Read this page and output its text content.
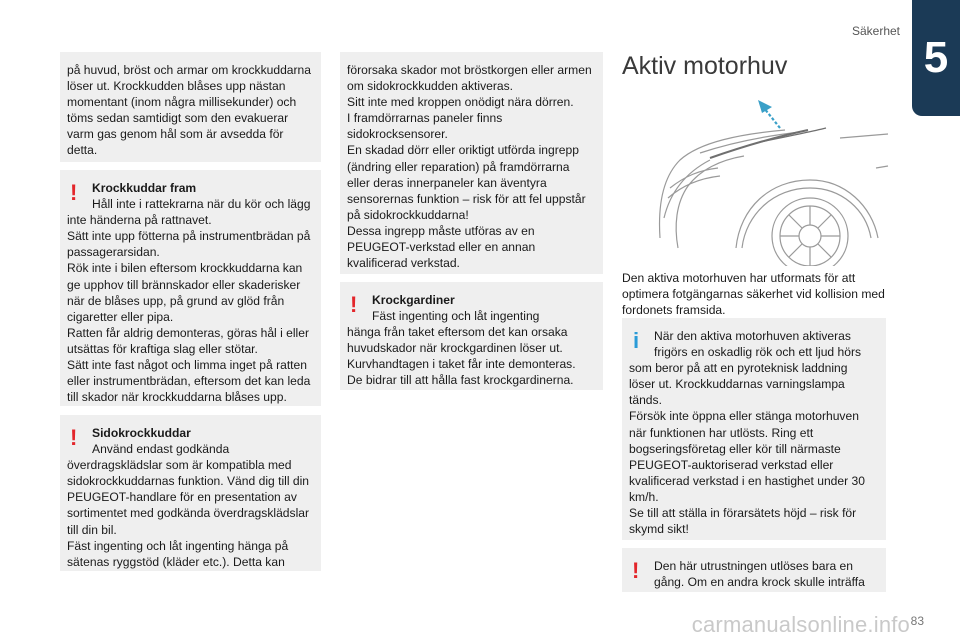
Säkerhet
5

på huvud, bröst och armar om krockkuddarna
löser ut. Krockkudden blåses upp nästan
momentant (inom några millisekunder) och
töms sedan samtidigt som den evakuerar
varm gas genom hål som är avsedda för
detta.

!	Krockkuddar fram

Håll inte i rattekrarna när du kör och lägg

inte händerna på rattnavet.
Sätt inte upp fötterna på instrumentbrädan på
passagerarsidan.
Rök inte i bilen eftersom krockkuddarna kan
ge upphov till brännskador eller skaderisker
när de blåses upp, på grund av glöd från
cigaretter eller pipa.
Ratten får aldrig demonteras, göras hål i eller
utsättas för kraftiga slag eller stötar.
Sätt inte fast något och limma inget på ratten
eller instrumentbrädan, eftersom det kan leda
till skador när krockkuddarna blåses upp.

!	Sidokrockkuddar

Använd endast godkända

överdragsklädslar som är kompatibla med
sidokrockkuddarnas funktion. Vänd dig till din
PEUGEOT-handlare för en presentation av
sortimentet med godkända överdragsklädslar
till din bil.
Fäst ingenting och låt ingenting hänga på
sätenas ryggstöd (kläder etc.). Detta kan

förorsaka skador mot bröstkorgen eller armen
om sidokrockkudden aktiveras.
Sitt inte med kroppen onödigt nära dörren.
I framdörrarnas paneler finns
sidokrocksensorer.
En skadad dörr eller oriktigt utförda ingrepp
(ändring eller reparation) på framdörrarna
eller deras innerpaneler kan äventyra
sensorernas funktion – risk för att fel uppstår
på sidokrockkuddarna!
Dessa ingrepp måste utföras av en
PEUGEOT-verkstad eller en annan
kvalificerad verkstad.

!	Krockgardiner

Fäst ingenting och låt ingenting

hänga från taket eftersom det kan orsaka
huvudskador när krockgardinen löser ut.
Kurvhandtagen i taket får inte demonteras.
De bidrar till att hålla fast krockgardinerna.

Aktiv motorhuv
Den aktiva motorhuven har utformats för att
optimera fotgängarnas säkerhet vid kollision med
fordonets framsida.
i	När den aktiva motorhuven aktiveras
frigörs en oskadlig rök och ett ljud hörs

som beror på att en pyroteknisk laddning
löser ut. Krockkuddarnas varningslampa
tänds.
Försök inte öppna eller stänga motorhuven
när funktionen har utlösts. Ring ett
bogseringsföretag eller kör till närmaste
PEUGEOT-auktoriserad verkstad eller
kvalificerad verkstad i en hastighet under 30
km/h.
Se till att ställa in förarsätets höjd – risk för
skymd sikt!

!	Den här utrustningen utlöses bara en
gång. Om en andra krock skulle inträffa

carmanualsonline.info 83
